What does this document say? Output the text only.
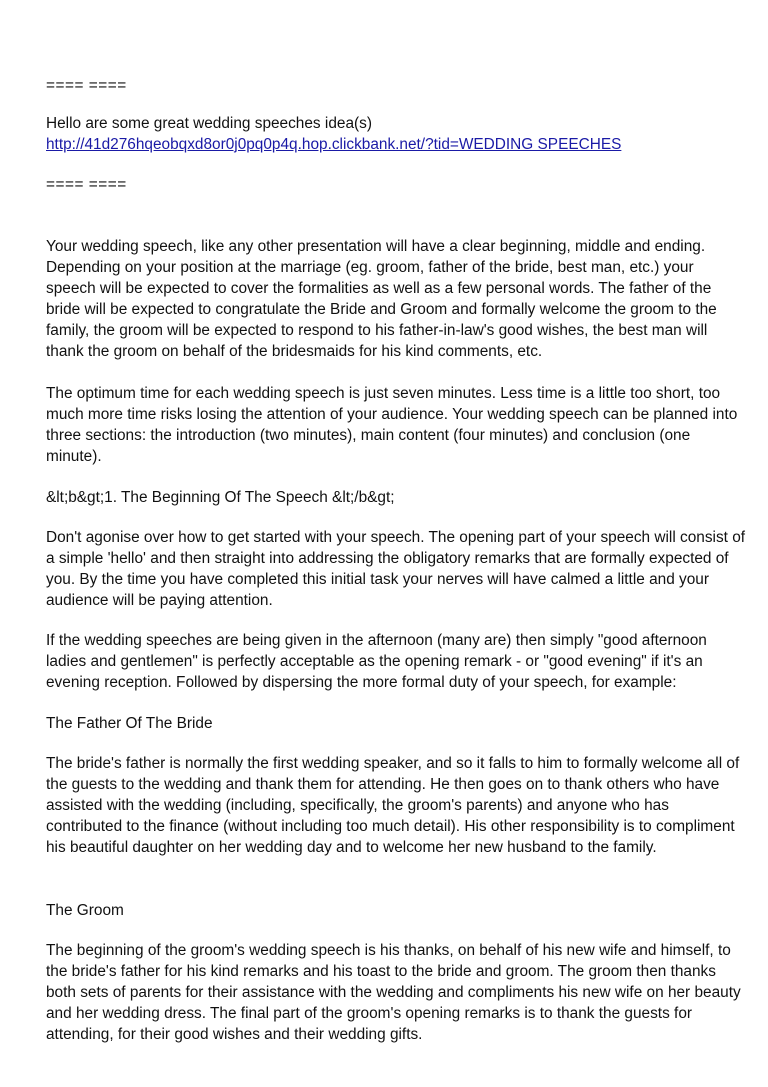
==== ====
Hello are some great wedding speeches idea(s)
http://41d276hqeobqxd8or0j0pq0p4q.hop.clickbank.net/?tid=WEDDING SPEECHES
==== ====

Your wedding speech, like any other presentation will have a clear beginning, middle and ending. Depending on your position at the marriage (eg. groom, father of the bride, best man, etc.) your speech will be expected to cover the formalities as well as a few personal words. The father of the bride will be expected to congratulate the Bride and Groom and formally welcome the groom to the family, the groom will be expected to respond to his father-in-law's good wishes, the best man will thank the groom on behalf of the bridesmaids for his kind comments, etc.

The optimum time for each wedding speech is just seven minutes. Less time is a little too short, too much more time risks losing the attention of your audience. Your wedding speech can be planned into three sections: the introduction (two minutes), main content (four minutes) and conclusion (one minute).

&lt;b&gt;1. The Beginning Of The Speech &lt;/b&gt;

Don't agonise over how to get started with your speech. The opening part of your speech will consist of a simple 'hello' and then straight into addressing the obligatory remarks that are formally expected of you. By the time you have completed this initial task your nerves will have calmed a little and your audience will be paying attention.

If the wedding speeches are being given in the afternoon (many are) then simply "good afternoon ladies and gentlemen" is perfectly acceptable as the opening remark - or "good evening" if it's an evening reception. Followed by dispersing the more formal duty of your speech, for example:

The Father Of The Bride

The bride's father is normally the first wedding speaker, and so it falls to him to formally welcome all of the guests to the wedding and thank them for attending. He then goes on to thank others who have assisted with the wedding (including, specifically, the groom's parents) and anyone who has contributed to the finance (without including too much detail). His other responsibility is to compliment his beautiful daughter on her wedding day and to welcome her new husband to the family.

The Groom

The beginning of the groom's wedding speech is his thanks, on behalf of his new wife and himself, to the bride's father for his kind remarks and his toast to the bride and groom. The groom then thanks both sets of parents for their assistance with the wedding and compliments his new wife on her beauty and her wedding dress. The final part of the groom's opening remarks is to thank the guests for attending, for their good wishes and their wedding gifts.
